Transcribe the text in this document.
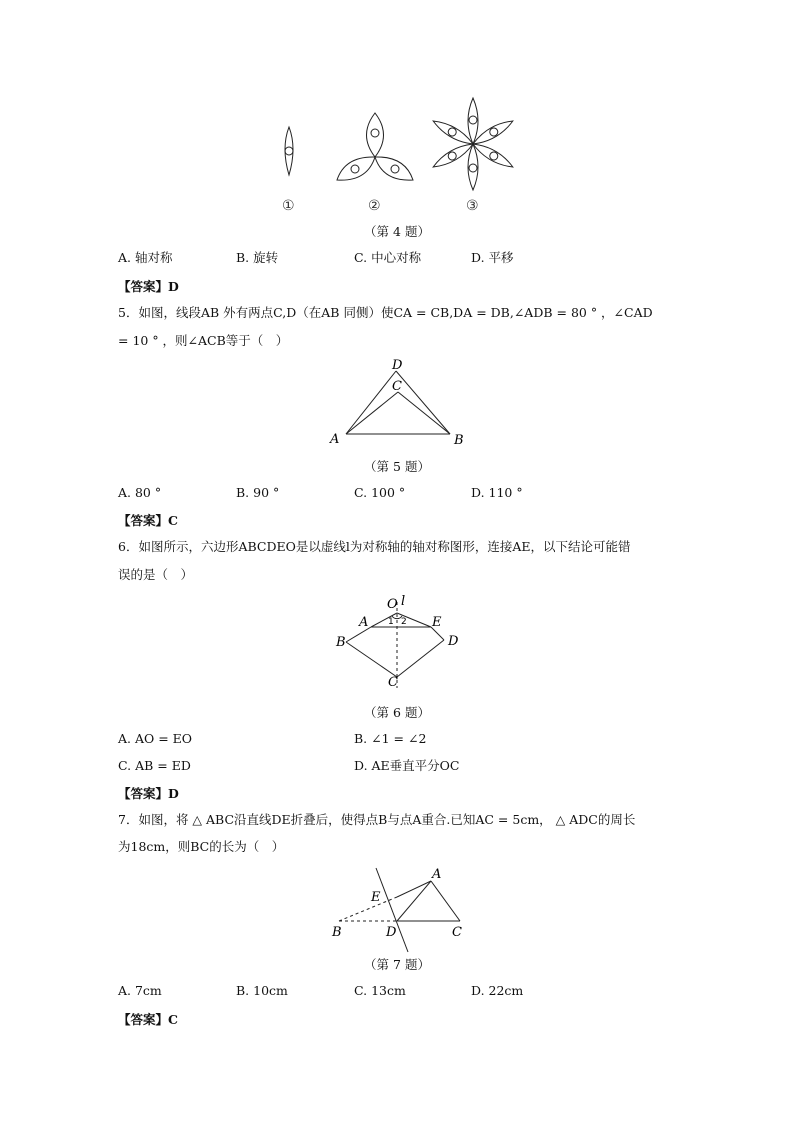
①	②	③
（第 4 题）
A. 轴对称	B. 旋转	C. 中心对称	D. 平移
【答案】D
5．如图，线段AB 外有两点C,D（在AB 同侧）使CA = CB,DA = DB,∠ADB = 80 ° ，∠CAD
= 10 ° ，则∠ACB等于（　）
D
C
A	B
（第 5 题）
A. 80 °	B. 90 °	C. 100 °	D. 110 °
【答案】C
6．如图所示，六边形ABCDEO是以虚线l为对称轴的轴对称图形，连接AE，以下结论可能错
误的是（　）
O l
A	E
B	D
C
1 2
（第 6 题）
A. AO = EO	B. ∠1 = ∠2
C. AB = ED	D. AE垂直平分OC
【答案】D
7．如图，将 △ ABC沿直线DE折叠后，使得点B与点A重合.已知AC = 5cm， △ ADC的周长
为18cm，则BC的长为（　）
A
E
B	D	C
（第 7 题）
A. 7cm	B. 10cm	C. 13cm	D. 22cm
【答案】C
